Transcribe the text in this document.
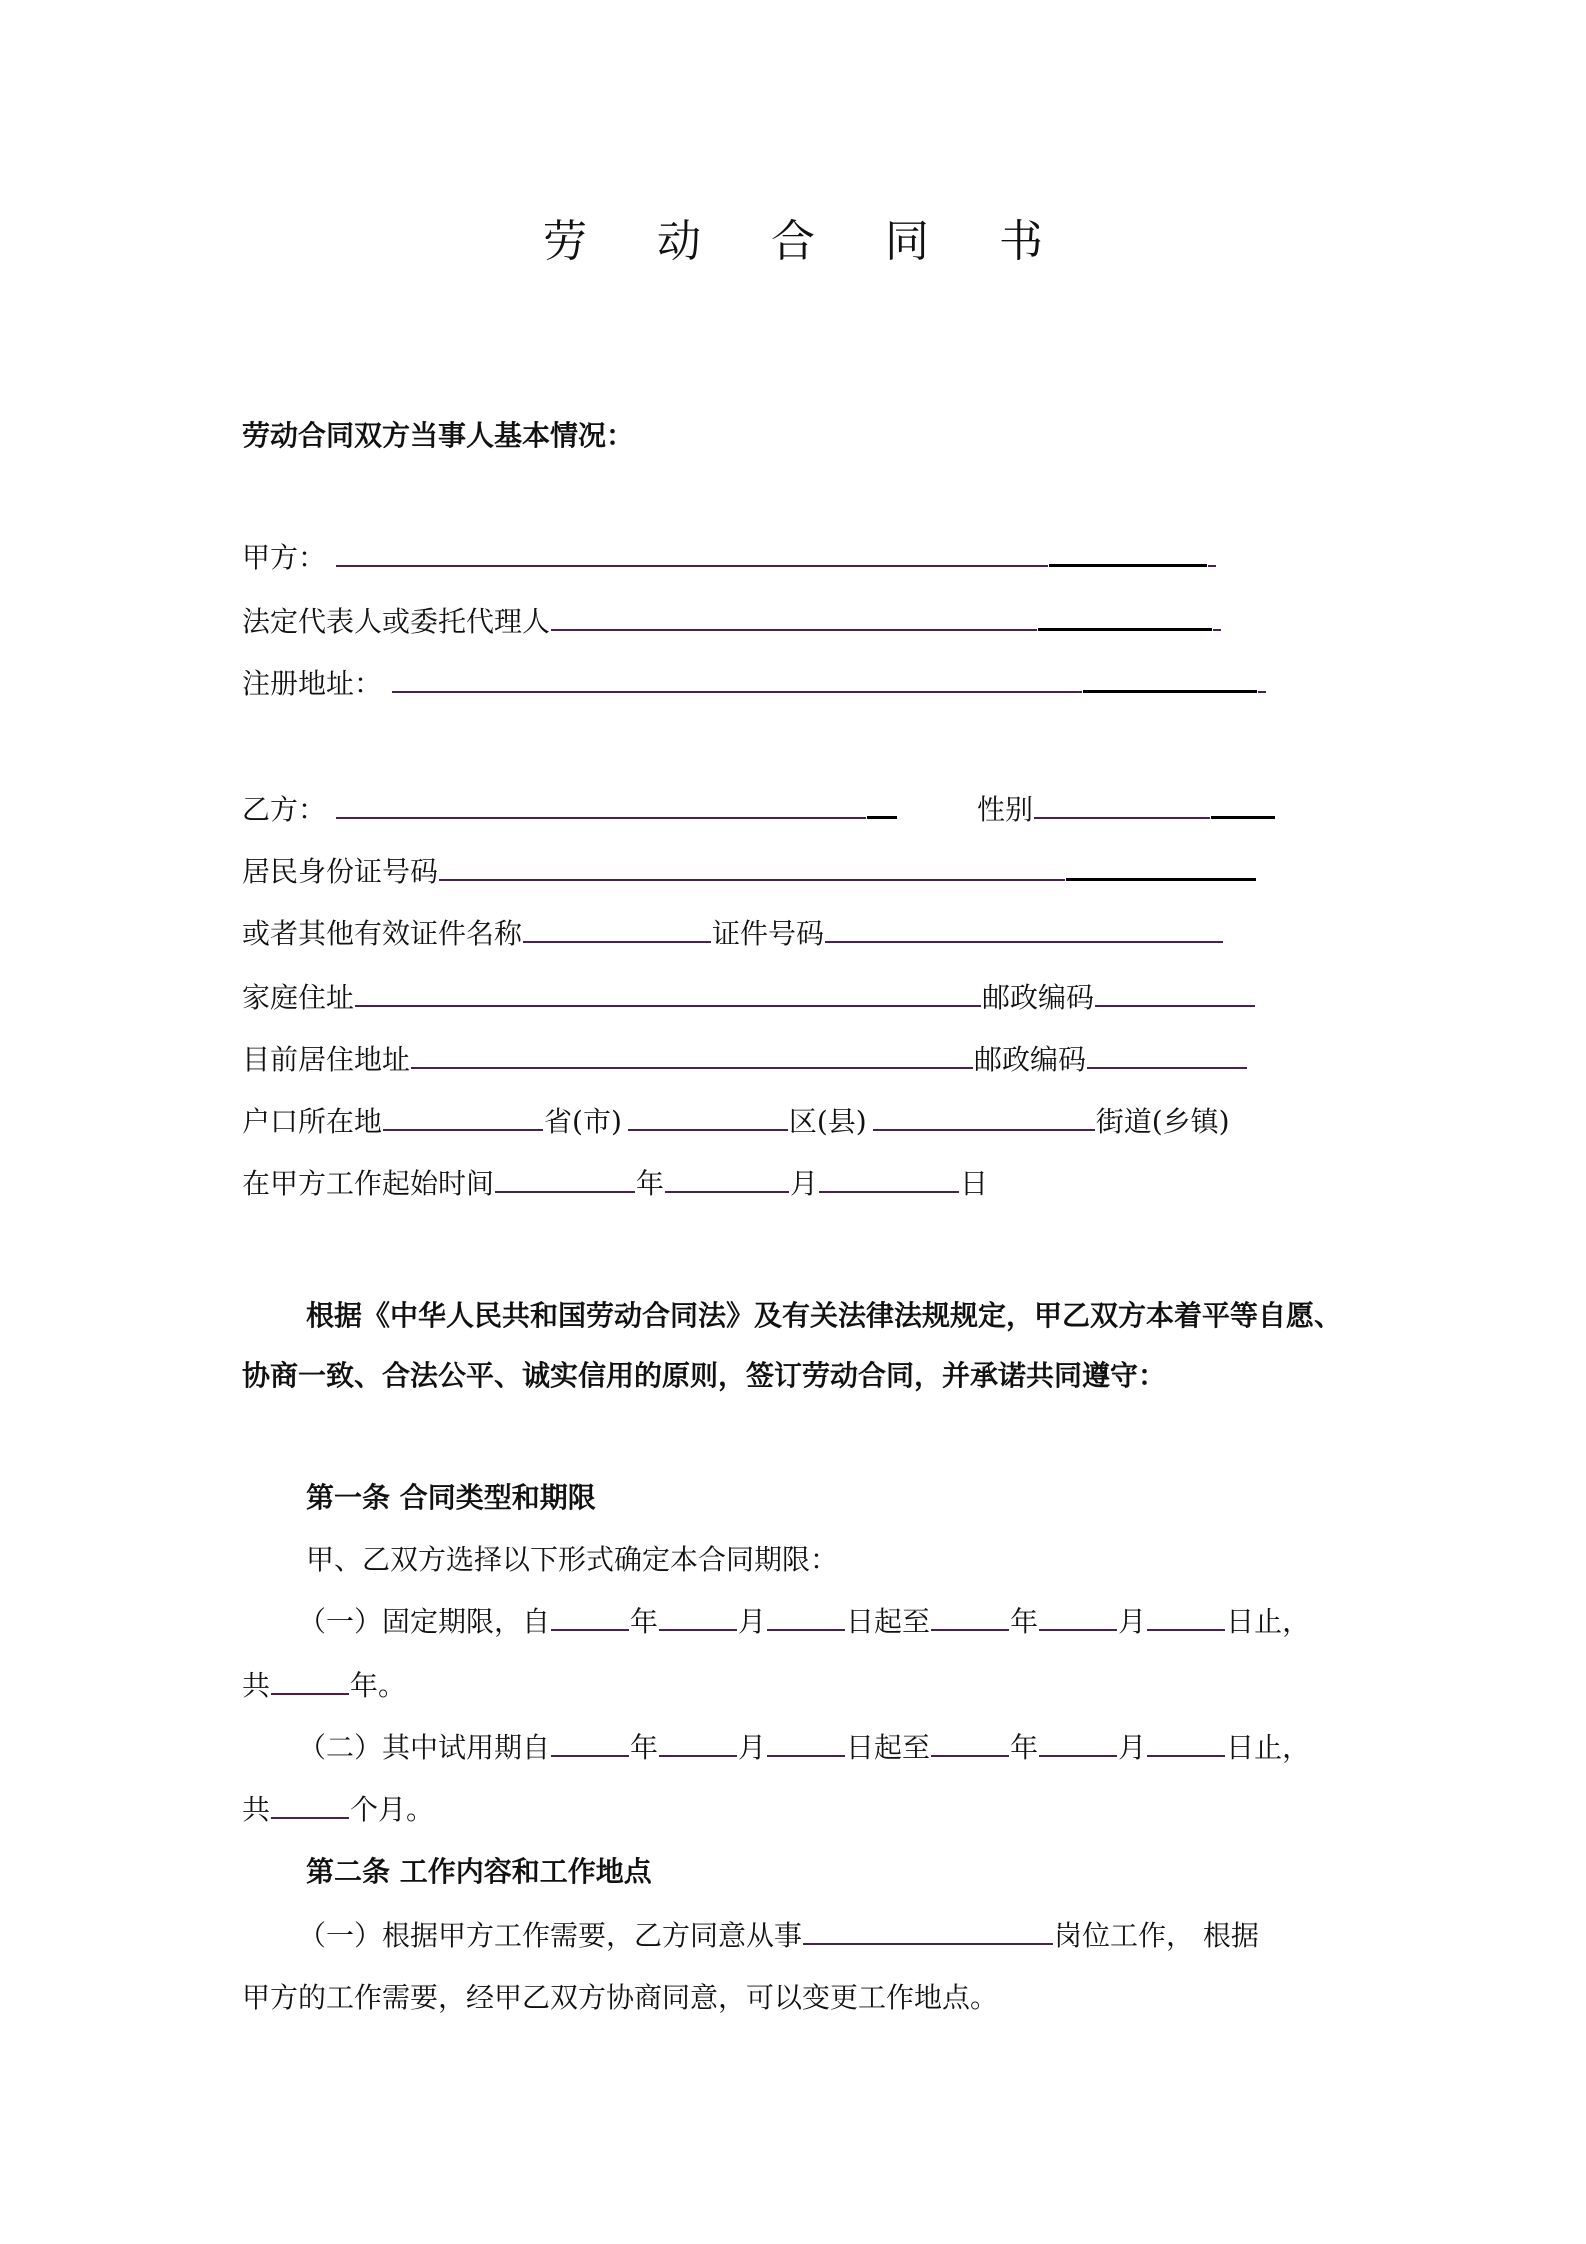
劳 动 合 同 书
劳动合同双方当事人基本情况：
甲方：
法定代表人或委托代理人
注册地址：
乙方：	性别
居民身份证号码
或者其他有效证件名称	证件号码
家庭住址	邮政编码
目前居住地址	邮政编码
户口所在地	省(市)	区(县)	街道(乡镇)
在甲方工作起始时间	年	月	日
根据《中华人民共和国劳动合同法》及有关法律法规规定，甲乙双方本着平等自愿、协商一致、合法公平、诚实信用的原则，签订劳动合同，并承诺共同遵守：
第一条 合同类型和期限
甲、乙双方选择以下形式确定本合同期限：
（一）固定期限，自	年	月	日起至	年	月	日止，
共	年。
（二）其中试用期自	年	月	日起至	年	月	日止，
共	个月。
第二条 工作内容和工作地点
（一）根据甲方工作需要，乙方同意从事	岗位工作， 根据
甲方的工作需要，经甲乙双方协商同意，可以变更工作地点。
